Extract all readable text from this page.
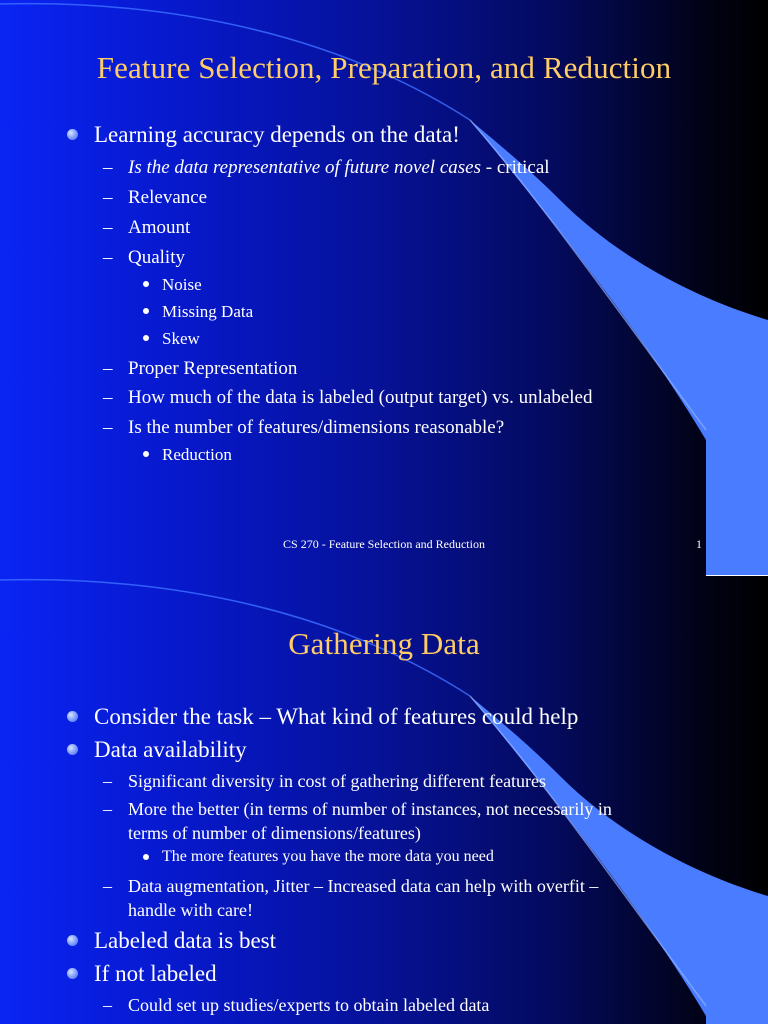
Feature Selection, Preparation, and Reduction
Learning accuracy depends on the data!
– Is the data representative of future novel cases - critical
– Relevance
– Amount
– Quality
Noise
Missing Data
Skew
– Proper Representation
– How much of the data is labeled (output target) vs. unlabeled
– Is the number of features/dimensions reasonable?
Reduction
CS 270 - Feature Selection and Reduction	1
Gathering Data
Consider the task – What kind of features could help
Data availability
– Significant diversity in cost of gathering different features
– More the better (in terms of number of instances, not necessarily in
terms of number of dimensions/features)
The more features you have the more data you need
– Data augmentation, Jitter – Increased data can help with overfit –
handle with care!
Labeled data is best
If not labeled
– Could set up studies/experts to obtain labeled data
